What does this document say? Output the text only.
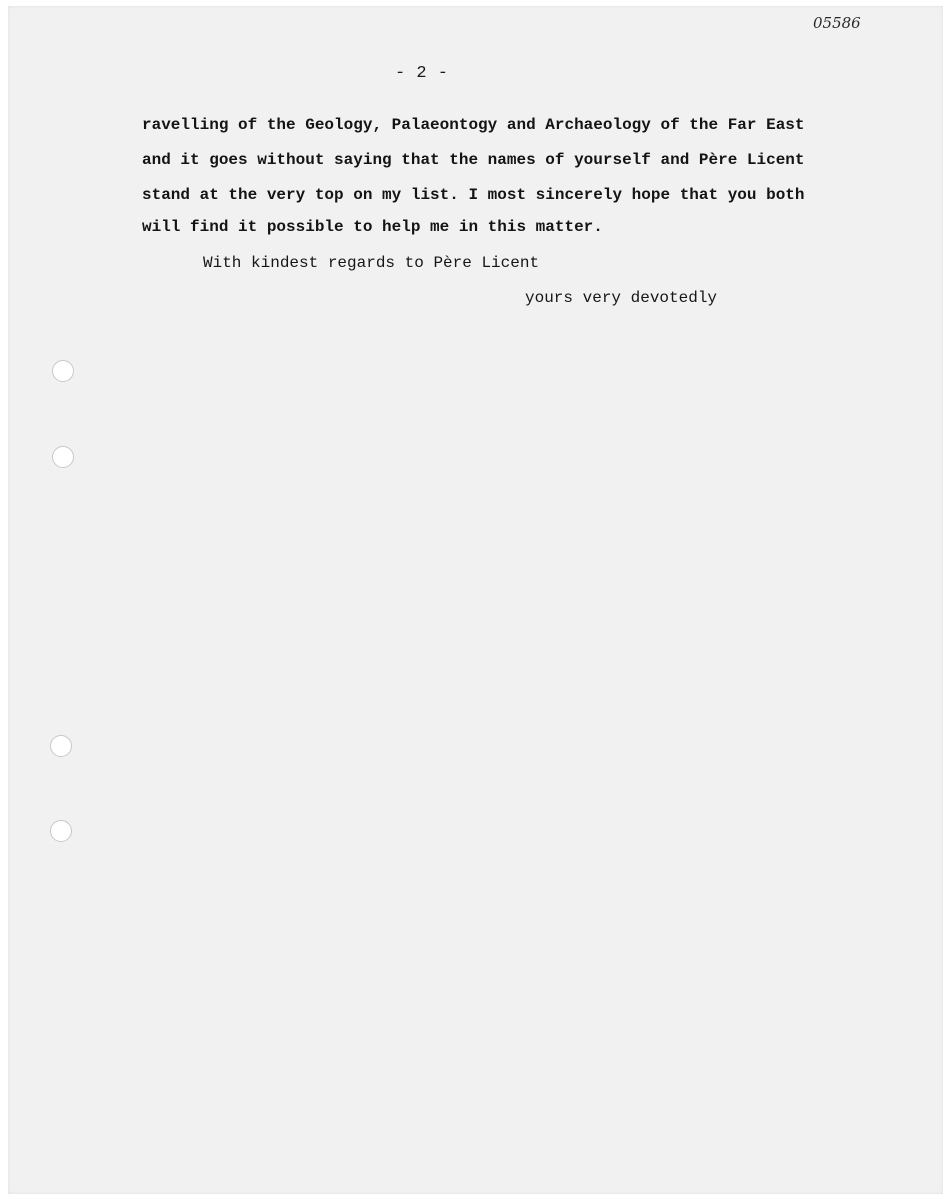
05586
- 2 -
ravelling of the Geology, Palaeontogy and Archaeology of the Far East
and it goes without saying that the names of yourself and Père Licent
stand at the very top on my list. I most sincerely hope that you both
will find it possible to help me in this matter.
With kindest regards to Père Licent
yours very devotedly
